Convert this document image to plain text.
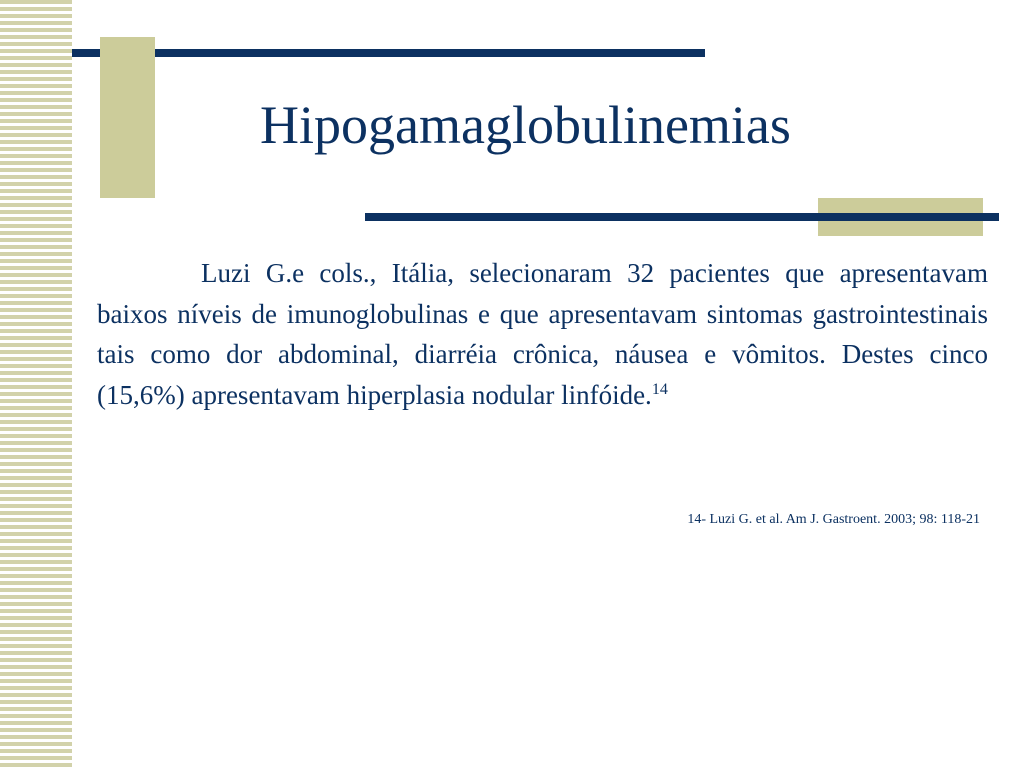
Hipogamaglobulinemias

Luzi G.e cols., Itália, selecionaram 32 pacientes que apresentavam baixos níveis de imunoglobulinas e que apresentavam sintomas gastrointestinais tais como dor abdominal, diarréia crônica, náusea e vômitos. Destes cinco (15,6%) apresentavam hiperplasia nodular linfóide.$^{14}$

14- Luzi G. et al. Am J. Gastroent. 2003; 98: 118-21
